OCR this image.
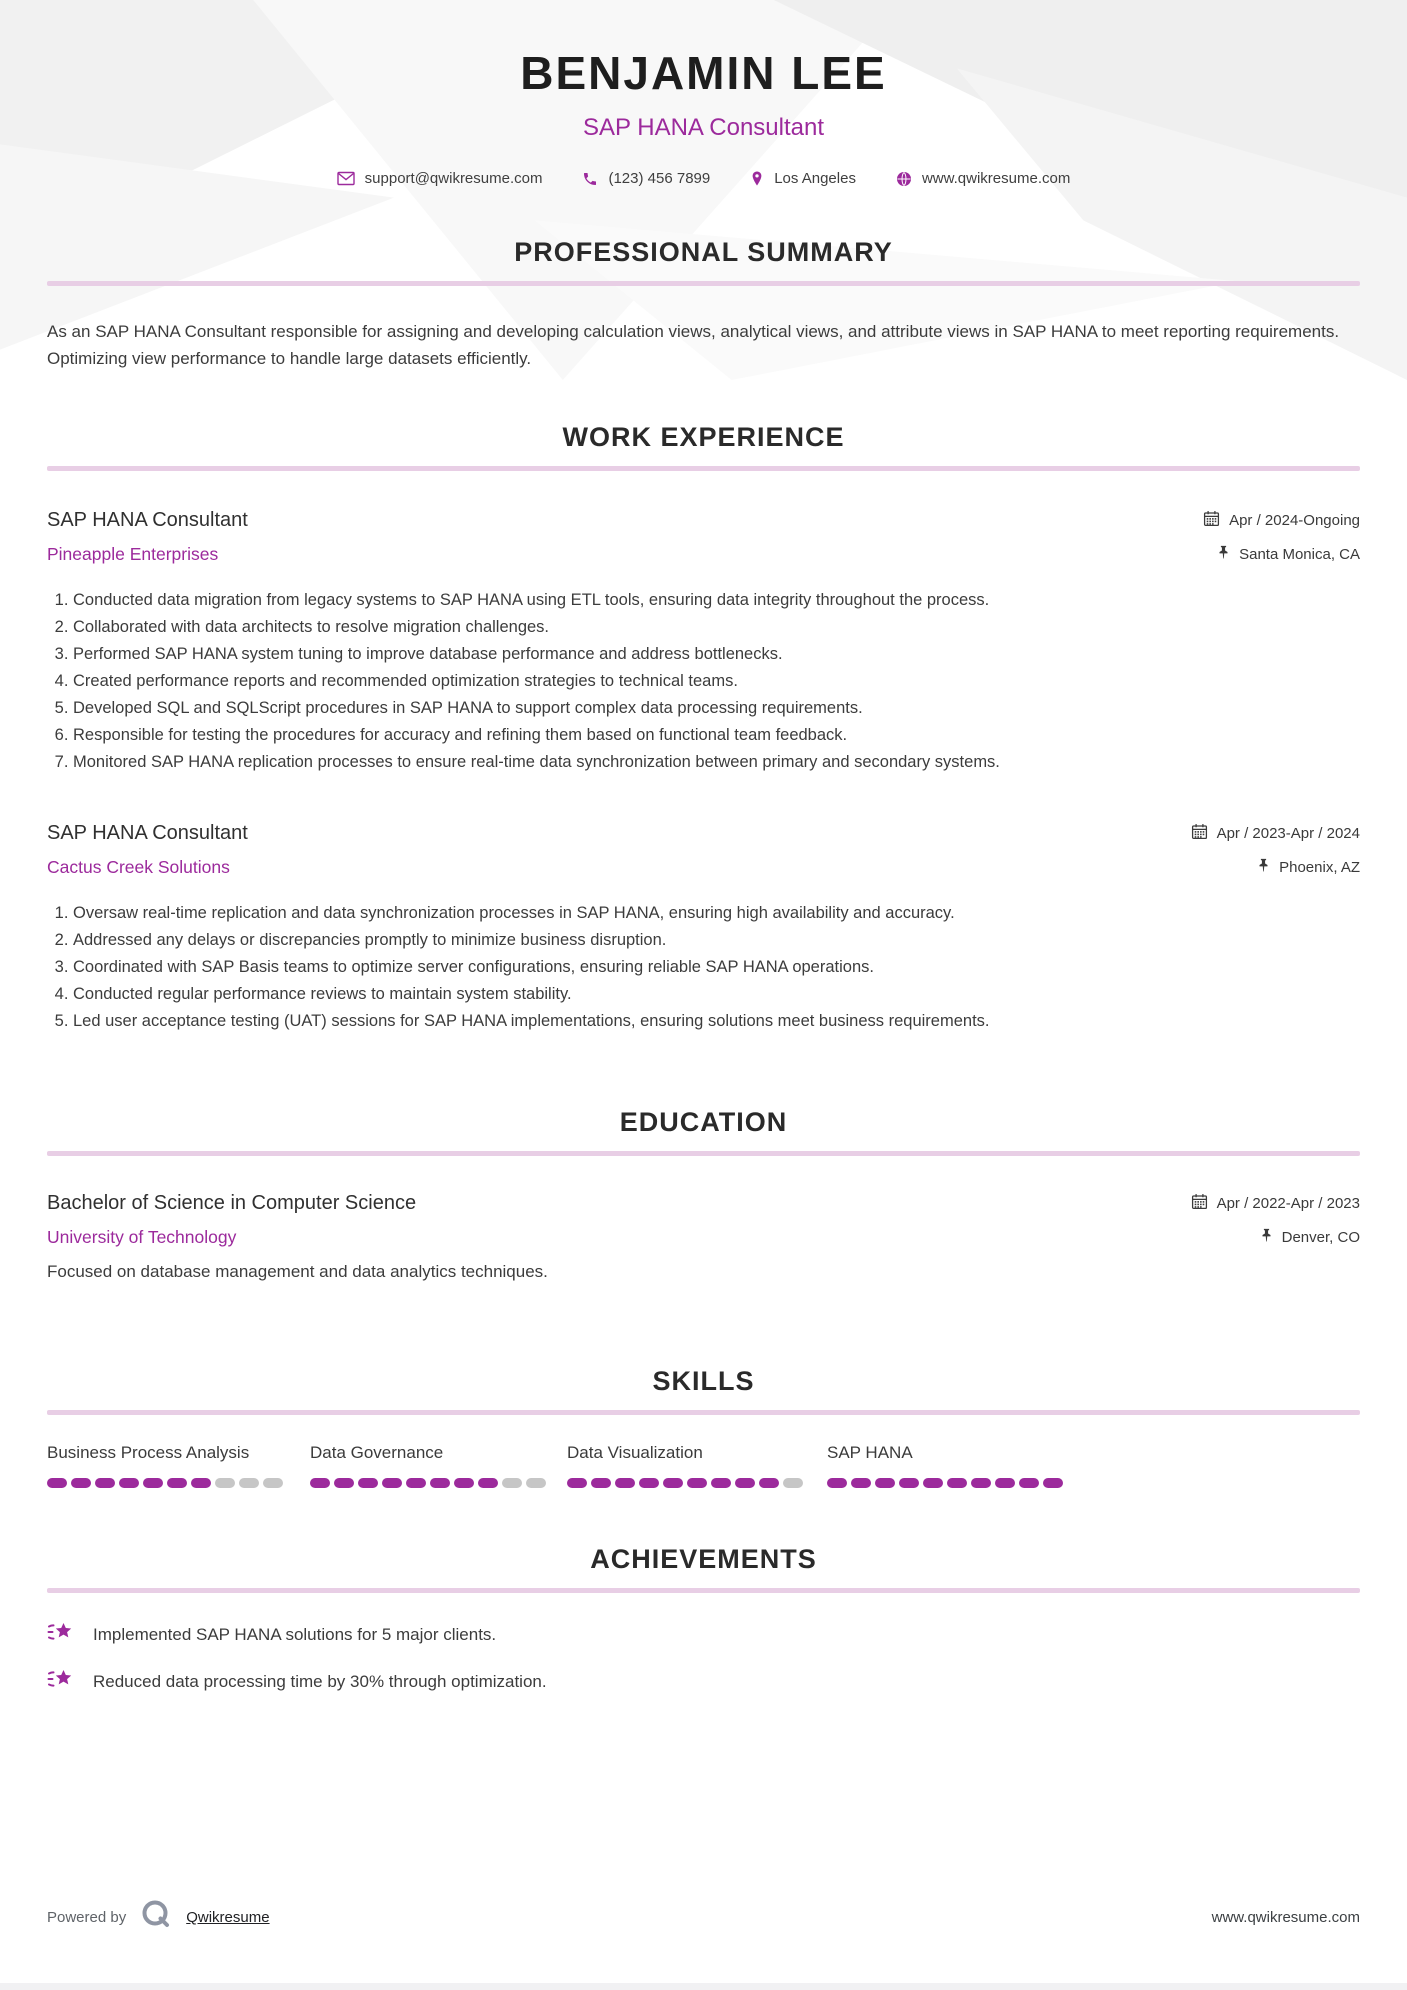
BENJAMIN LEE
SAP HANA Consultant
support@qwikresume.com	(123) 456 7899	Los Angeles	www.qwikresume.com
PROFESSIONAL SUMMARY

As an SAP HANA Consultant responsible for assigning and developing calculation views, analytical views, and attribute views in SAP HANA to meet reporting requirements. Optimizing view performance to handle large datasets efficiently.

WORK EXPERIENCE
SAP HANA Consultant	Apr / 2024-Ongoing
Pineapple Enterprises	Santa Monica, CA
1. Conducted data migration from legacy systems to SAP HANA using ETL tools, ensuring data integrity throughout the process.
2. Collaborated with data architects to resolve migration challenges.
3. Performed SAP HANA system tuning to improve database performance and address bottlenecks.
4. Created performance reports and recommended optimization strategies to technical teams.
5. Developed SQL and SQLScript procedures in SAP HANA to support complex data processing requirements.
6. Responsible for testing the procedures for accuracy and refining them based on functional team feedback.
7. Monitored SAP HANA replication processes to ensure real-time data synchronization between primary and secondary systems.
SAP HANA Consultant	Apr / 2023-Apr / 2024
Cactus Creek Solutions	Phoenix, AZ
1. Oversaw real-time replication and data synchronization processes in SAP HANA, ensuring high availability and accuracy.
2. Addressed any delays or discrepancies promptly to minimize business disruption.
3. Coordinated with SAP Basis teams to optimize server configurations, ensuring reliable SAP HANA operations.
4. Conducted regular performance reviews to maintain system stability.
5. Led user acceptance testing (UAT) sessions for SAP HANA implementations, ensuring solutions meet business requirements.
EDUCATION
Bachelor of Science in Computer Science	Apr / 2022-Apr / 2023
University of Technology	Denver, CO
Focused on database management and data analytics techniques.
SKILLS
Business Process Analysis	Data Governance	Data Visualization	SAP HANA
ACHIEVEMENTS
Implemented SAP HANA solutions for 5 major clients.
Reduced data processing time by 30% through optimization.
Powered by	Qwikresume	www.qwikresume.com
